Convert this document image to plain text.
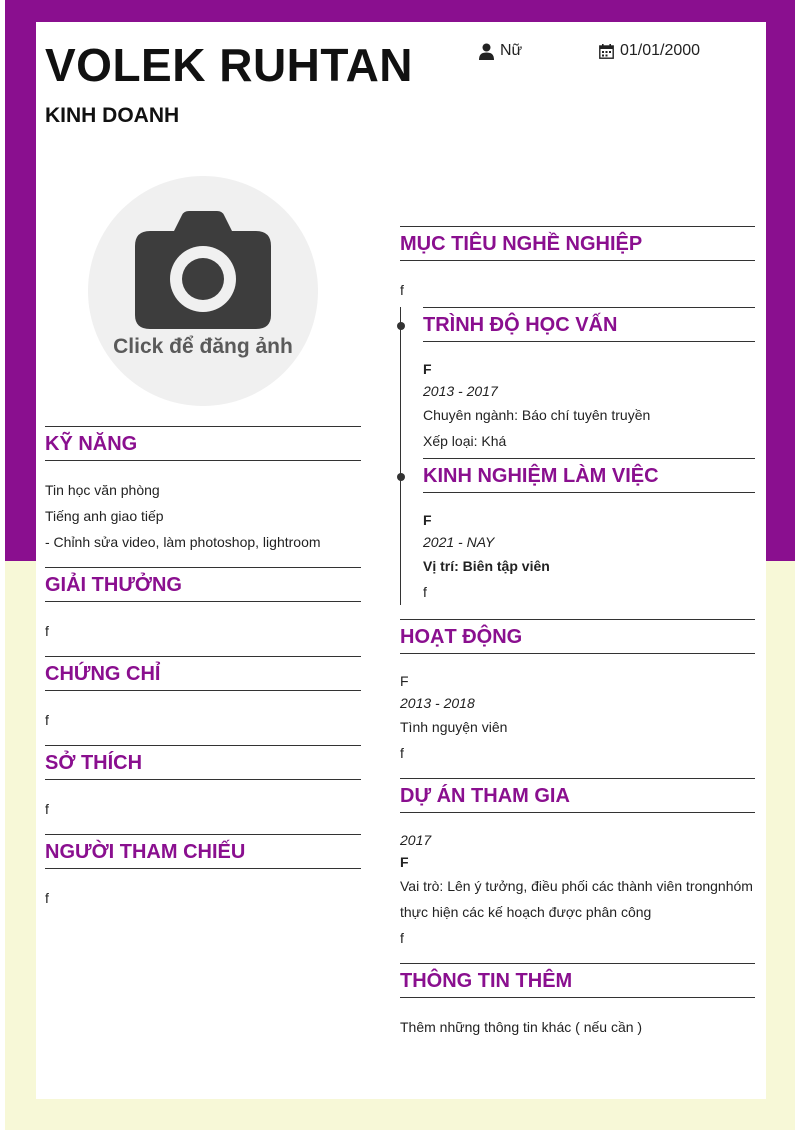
VOLEK RUHTAN
KINH DOANH
Nữ	01/01/2000
Click để đăng ảnh
KỸ NĂNG
Tin học văn phòng
Tiếng anh giao tiếp
- Chỉnh sửa video, làm photoshop, lightroom
GIẢI THƯỞNG
f
CHỨNG CHỈ
f
SỞ THÍCH
f
NGƯỜI THAM CHIẾU
f
MỤC TIÊU NGHỀ NGHIỆP
f
TRÌNH ĐỘ HỌC VẤN
F
2013 - 2017
Chuyên ngành: Báo chí tuyên truyền
Xếp loại: Khá
KINH NGHIỆM LÀM VIỆC
F
2021 - NAY
Vị trí: Biên tập viên
f
HOẠT ĐỘNG
F
2013 - 2018
Tình nguyện viên
f
DỰ ÁN THAM GIA
2017
F
Vai trò: Lên ý tưởng, điều phối các thành viên trongnhóm thực hiện các kế hoạch được phân công
f
THÔNG TIN THÊM
Thêm những thông tin khác ( nếu cần )
